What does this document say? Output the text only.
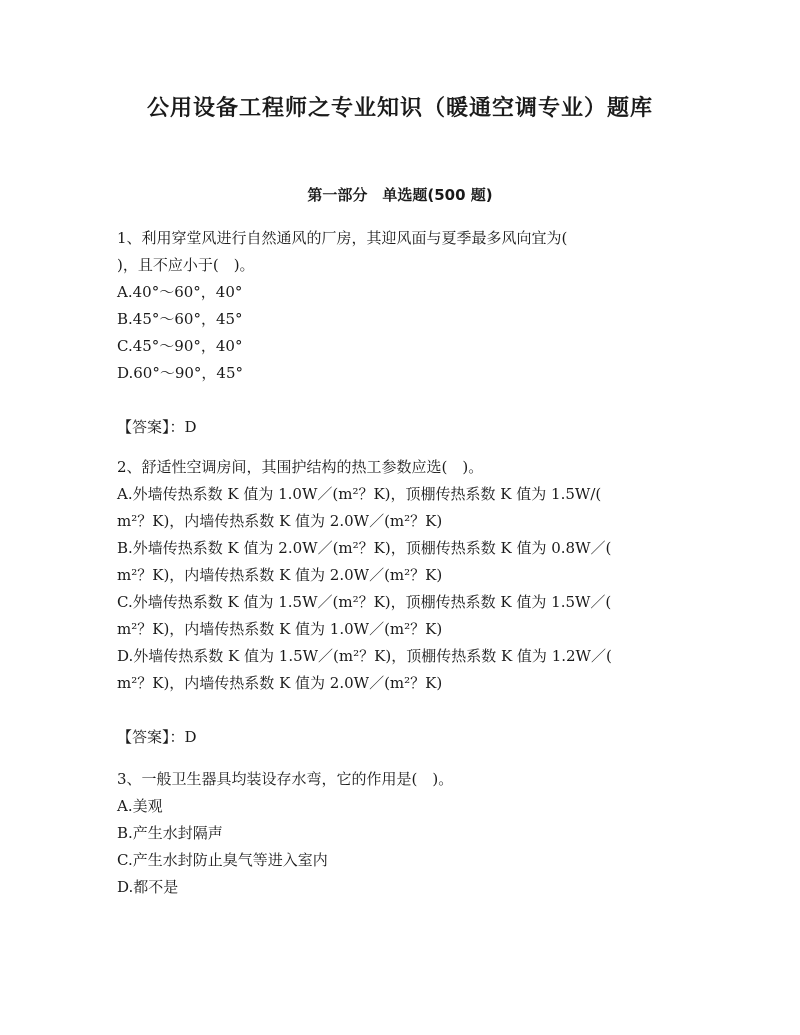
公用设备工程师之专业知识（暖通空调专业）题库
第一部分　单选题(500 题)
1、利用穿堂风进行自然通风的厂房，其迎风面与夏季最多风向宜为(
)，且不应小于(　)。
A.40°～60°，40°
B.45°～60°，45°
C.45°～90°，40°
D.60°～90°，45°
【答案】：D
2、舒适性空调房间，其围护结构的热工参数应选(　)。
A.外墙传热系数 K 值为 1.0W／(m²？K)，顶棚传热系数 K 值为 1.5W/(
m²？K)，内墙传热系数 K 值为 2.0W／(m²？K)
B.外墙传热系数 K 值为 2.0W／(m²？K)，顶棚传热系数 K 值为 0.8W／(
m²？K)，内墙传热系数 K 值为 2.0W／(m²？K)
C.外墙传热系数 K 值为 1.5W／(m²？K)，顶棚传热系数 K 值为 1.5W／(
m²？K)，内墙传热系数 K 值为 1.0W／(m²？K)
D.外墙传热系数 K 值为 1.5W／(m²？K)，顶棚传热系数 K 值为 1.2W／(
m²？K)，内墙传热系数 K 值为 2.0W／(m²？K)
【答案】：D
3、一般卫生器具均装设存水弯，它的作用是(　)。
A.美观
B.产生水封隔声
C.产生水封防止臭气等进入室内
D.都不是
